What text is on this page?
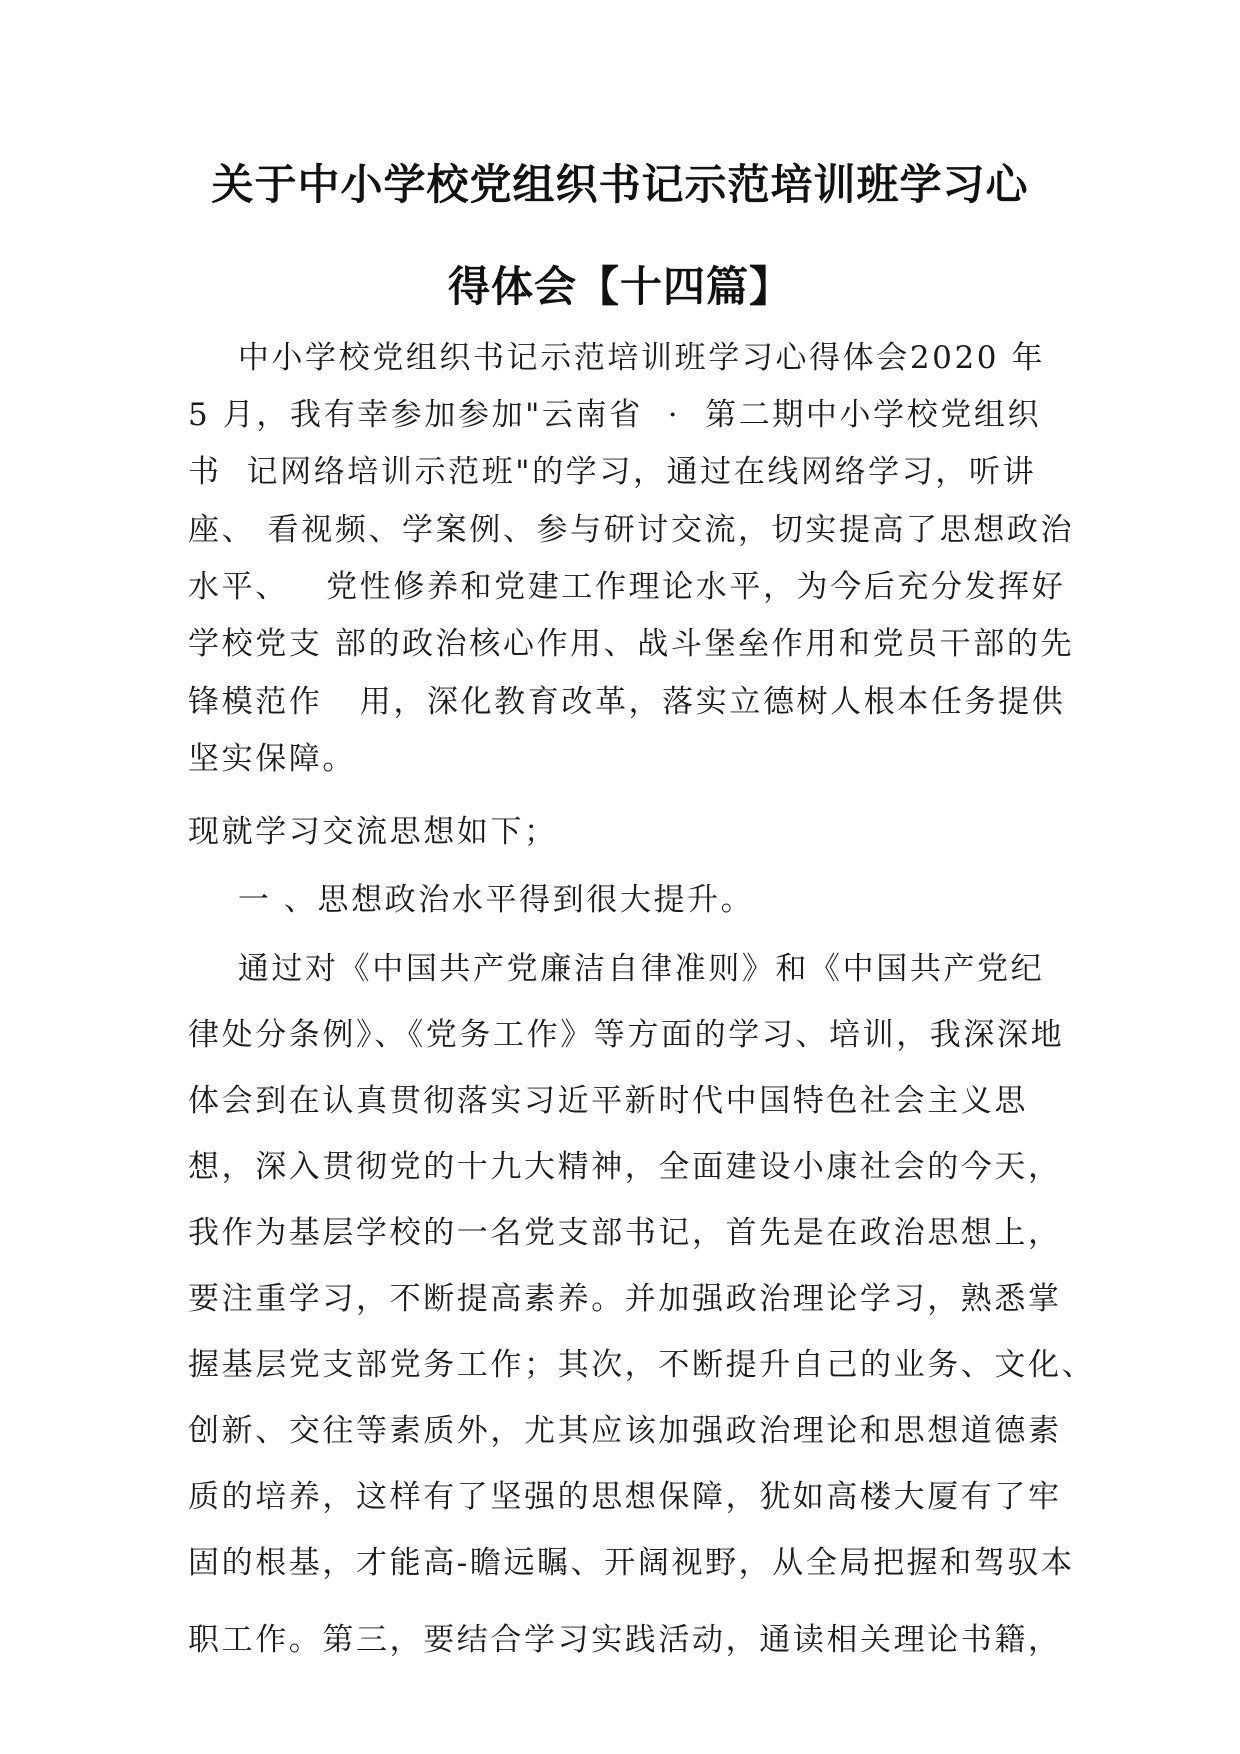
关于中小学校党组织书记示范培训班学习心
得体会【十四篇】
中小学校党组织书记示范培训班学习心得体会2020 年
5 月，我有幸参加参加"云南省  ·  第二期中小学校党组织
书  记网络培训示范班"的学习，通过在线网络学习，听讲
座、 看视频、学案例、参与研讨交流，切实提高了思想政治
水平、   党性修养和党建工作理论水平，为今后充分发挥好
学校党支 部的政治核心作用、战斗堡垒作用和党员干部的先
锋模范作   用，深化教育改革，落实立德树人根本任务提供
坚实保障。
现就学习交流思想如下；
一 、思想政治水平得到很大提升。
通过对《中国共产党廉洁自律准则》和《中国共产党纪
律处分条例》、《党务工作》等方面的学习、培训，我深深地
体会到在认真贯彻落实习近平新时代中国特色社会主义思
想，深入贯彻党的十九大精神，全面建设小康社会的今天，
我作为基层学校的一名党支部书记，首先是在政治思想上，
要注重学习，不断提高素养。并加强政治理论学习，熟悉掌
握基层党支部党务工作；其次，不断提升自己的业务、文化、
创新、交往等素质外，尤其应该加强政治理论和思想道德素
质的培养，这样有了坚强的思想保障，犹如高楼大厦有了牢
固的根基，才能高-瞻远瞩、开阔视野，从全局把握和驾驭本
职工作。第三，要结合学习实践活动，通读相关理论书籍，
